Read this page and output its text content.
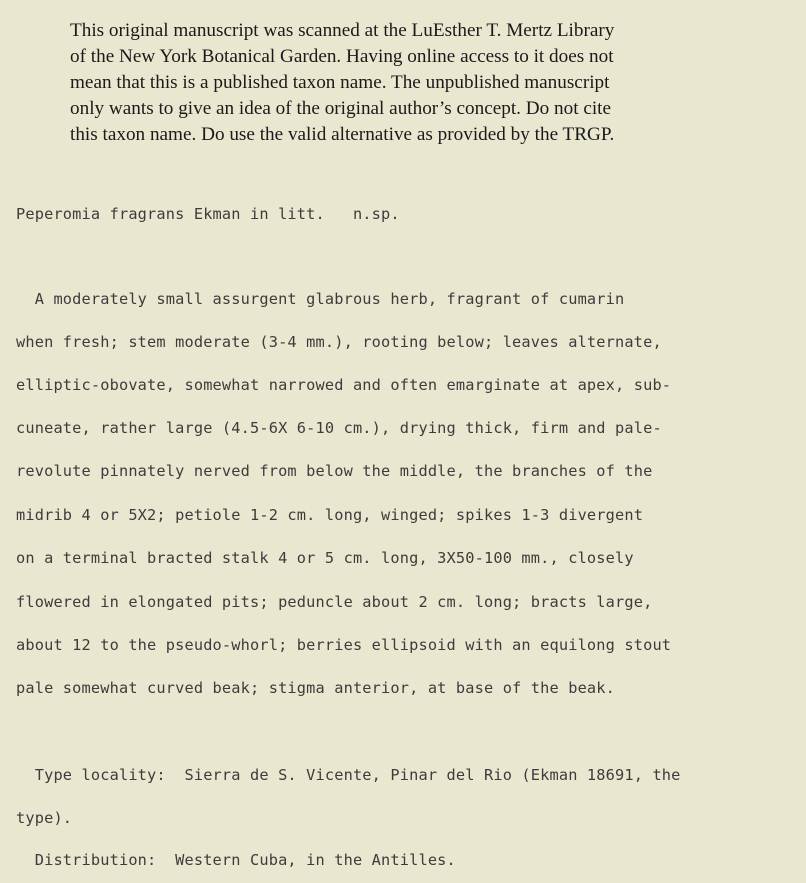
This original manuscript was scanned at the LuEsther T. Mertz Library
of the New York Botanical Garden. Having online access to it does not
mean that this is a published taxon name. The unpublished manuscript
only wants to give an idea of the original author’s concept. Do not cite
this taxon name. Do use the valid alternative as provided by the TRGP.
Peperomia fragrans Ekman in litt.   n.sp.
A moderately small assurgent glabrous herb, fragrant of cumarin
when fresh; stem moderate (3-4 mm.), rooting below; leaves alternate,
elliptic-obovate, somewhat narrowed and often emarginate at apex, sub-
cuneate, rather large (4.5-6X 6-10 cm.), drying thick, firm and pale-
revolute pinnately nerved from below the middle, the branches of the
midrib 4 or 5X2; petiole 1-2 cm. long, winged; spikes 1-3 divergent
on a terminal bracted stalk 4 or 5 cm. long, 3X50-100 mm., closely
flowered in elongated pits; peduncle about 2 cm. long; bracts large,
about 12 to the pseudo-whorl; berries ellipsoid with an equilong stout
pale somewhat curved beak; stigma anterior, at base of the beak.
Type locality:  Sierra de S. Vicente, Pinar del Rio (Ekman 18691, the
type).
Distribution:  Western Cuba, in the Antilles.
